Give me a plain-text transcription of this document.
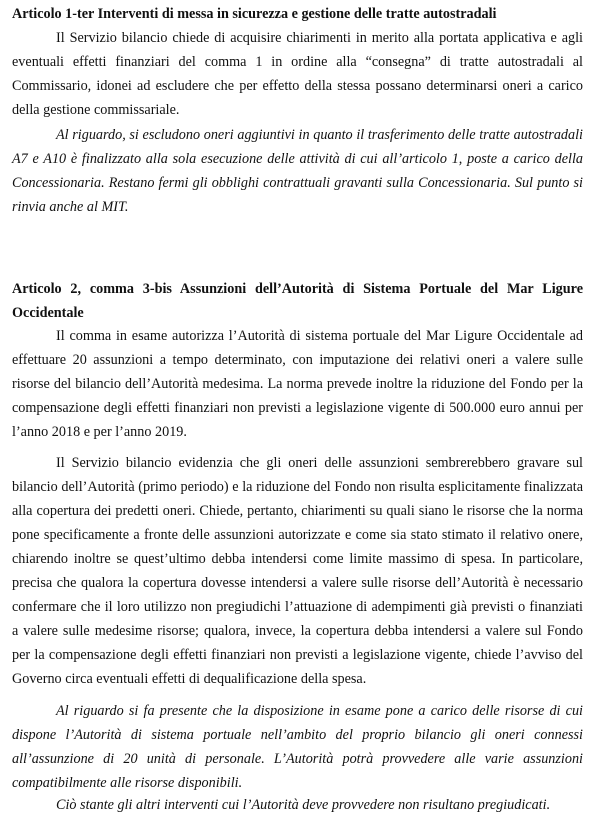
Articolo 1-ter Interventi di messa in sicurezza e gestione delle tratte autostradali

Il Servizio bilancio chiede di acquisire chiarimenti in merito alla portata applicativa e agli eventuali effetti finanziari del comma 1 in ordine alla “consegna” di tratte autostradali al Commissario, idonei ad escludere che per effetto della stessa possano determinarsi oneri a carico della gestione commissariale.

Al riguardo, si escludono oneri aggiuntivi in quanto il trasferimento delle tratte autostradali A7 e A10 è finalizzato alla sola esecuzione delle attività di cui all’articolo 1, poste a carico della Concessionaria. Restano fermi gli obblighi contrattuali gravanti sulla Concessionaria. Sul punto si rinvia anche al MIT.

Articolo 2, comma 3-bis Assunzioni dell’Autorità di Sistema Portuale del Mar Ligure Occidentale

Il comma in esame autorizza l’Autorità di sistema portuale del Mar Ligure Occidentale ad effettuare 20 assunzioni a tempo determinato, con imputazione dei relativi oneri a valere sulle risorse del bilancio dell’Autorità medesima. La norma prevede inoltre la riduzione del Fondo per la compensazione degli effetti finanziari non previsti a legislazione vigente di 500.000 euro annui per l’anno 2018 e per l’anno 2019.

Il Servizio bilancio evidenzia che gli oneri delle assunzioni sembrerebbero gravare sul bilancio dell’Autorità (primo periodo) e la riduzione del Fondo non risulta esplicitamente finalizzata alla copertura dei predetti oneri. Chiede, pertanto, chiarimenti su quali siano le risorse che la norma pone specificamente a fronte delle assunzioni autorizzate e come sia stato stimato il relativo onere, chiarendo inoltre se quest’ultimo debba intendersi come limite massimo di spesa. In particolare, precisa che qualora la copertura dovesse intendersi a valere sulle risorse dell’Autorità è necessario confermare che il loro utilizzo non pregiudichi l’attuazione di adempimenti già previsti o finanziati a valere sulle medesime risorse; qualora, invece, la copertura debba intendersi a valere sul Fondo per la compensazione degli effetti finanziari non previsti a legislazione vigente, chiede l’avviso del Governo circa eventuali effetti di dequalificazione della spesa.

Al riguardo si fa presente che la disposizione in esame pone a carico delle risorse di cui dispone l’Autorità di sistema portuale nell’ambito del proprio bilancio gli oneri connessi all’assunzione di 20 unità di personale. L’Autorità potrà provvedere alle varie assunzioni compatibilmente alle risorse disponibili.

Ciò stante gli altri interventi cui l’Autorità deve provvedere non risultano pregiudicati.
